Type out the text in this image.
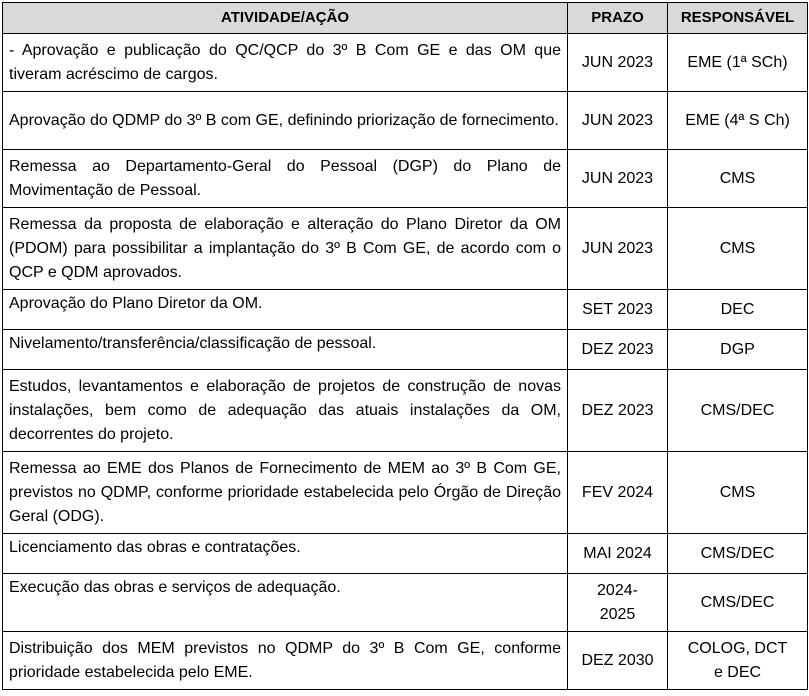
ATIVIDADE/AÇÃO	PRAZO	RESPONSÁVEL

- Aprovação e publicação do QC/QCP do 3º B Com GE e das OM que tiveram acréscimo de cargos.	JUN 2023	EME (1ª SCh)

Aprovação do QDMP do 3º B com GE, definindo priorização de fornecimento.	JUN 2023	EME (4ª S Ch)

Remessa ao Departamento-Geral do Pessoal (DGP) do Plano de Movimentação de Pessoal.	JUN 2023	CMS

Remessa da proposta de elaboração e alteração do Plano Diretor da OM (PDOM) para possibilitar a implantação do 3º B Com GE, de acordo com o QCP e QDM aprovados.	JUN 2023	CMS

Aprovação do Plano Diretor da OM.	SET 2023	DEC

Nivelamento/transferência/classificação de pessoal.	DEZ 2023	DGP

Estudos, levantamentos e elaboração de projetos de construção de novas instalações, bem como de adequação das atuais instalações da OM, decorrentes do projeto.	DEZ 2023	CMS/DEC

Remessa ao EME dos Planos de Fornecimento de MEM ao 3º B Com GE, previstos no QDMP, conforme prioridade estabelecida pelo Órgão de Direção Geral (ODG).	FEV 2024	CMS

Licenciamento das obras e contratações.	MAI 2024	CMS/DEC

Execução das obras e serviços de adequação.	2024-2025	CMS/DEC

Distribuição dos MEM previstos no QDMP do 3º B Com GE, conforme prioridade estabelecida pelo EME.	DEZ 2030	COLOG, DCT e DEC
